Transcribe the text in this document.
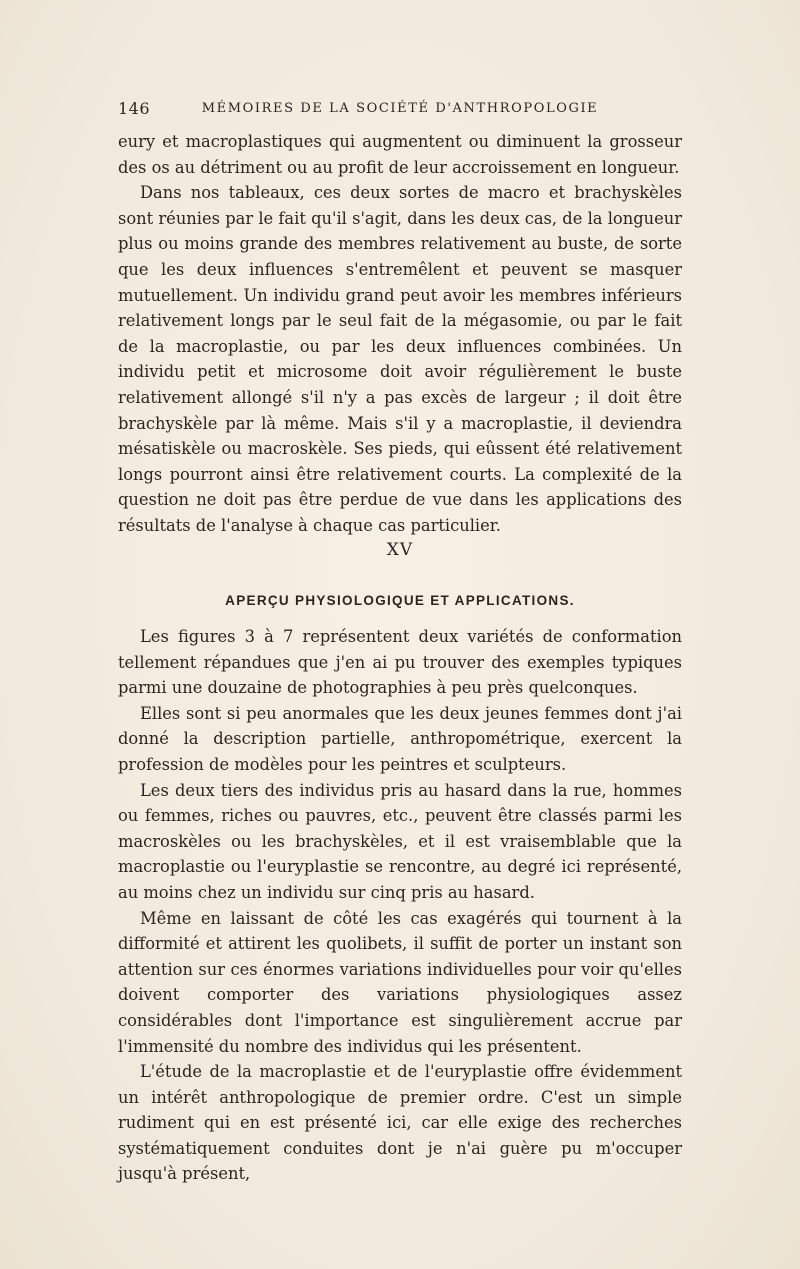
146	MÉMOIRES DE LA SOCIÉTÉ D'ANTHROPOLOGIE

eury et macroplastiques qui augmentent ou diminuent la grosseur des os au détriment ou au profit de leur accroissement en longueur.

Dans nos tableaux, ces deux sortes de macro et brachyskèles sont réunies par le fait qu'il s'agit, dans les deux cas, de la longueur plus ou moins grande des membres relativement au buste, de sorte que les deux influences s'entremêlent et peuvent se masquer mutuellement. Un individu grand peut avoir les membres inférieurs relativement longs par le seul fait de la mégasomie, ou par le fait de la macroplastie, ou par les deux influences combinées. Un individu petit et microsome doit avoir régulièrement le buste relativement allongé s'il n'y a pas excès de largeur ; il doit être brachyskèle par là même. Mais s'il y a macroplastie, il deviendra mésatiskèle ou macroskèle. Ses pieds, qui eûssent été relativement longs pourront ainsi être relativement courts. La complexité de la question ne doit pas être perdue de vue dans les applications des résultats de l'analyse à chaque cas particulier.

XV
APERÇU PHYSIOLOGIQUE ET APPLICATIONS.

Les figures 3 à 7 représentent deux variétés de conformation tellement répandues que j'en ai pu trouver des exemples typiques parmi une douzaine de photographies à peu près quelconques.

Elles sont si peu anormales que les deux jeunes femmes dont j'ai donné la description partielle, anthropométrique, exercent la profession de modèles pour les peintres et sculpteurs.

Les deux tiers des individus pris au hasard dans la rue, hommes ou femmes, riches ou pauvres, etc., peuvent être classés parmi les macroskèles ou les brachyskèles, et il est vraisemblable que la macroplastie ou l'euryplastie se rencontre, au degré ici représenté, au moins chez un individu sur cinq pris au hasard.

Même en laissant de côté les cas exagérés qui tournent à la difformité et attirent les quolibets, il suffit de porter un instant son attention sur ces énormes variations individuelles pour voir qu'elles doivent comporter des variations physiologiques assez considérables dont l'importance est singulièrement accrue par l'immensité du nombre des individus qui les présentent.

L'étude de la macroplastie et de l'euryplastie offre évidemment un intérêt anthropologique de premier ordre. C'est un simple rudiment qui en est présenté ici, car elle exige des recherches systématiquement conduites dont je n'ai guère pu m'occuper jusqu'à présent,
